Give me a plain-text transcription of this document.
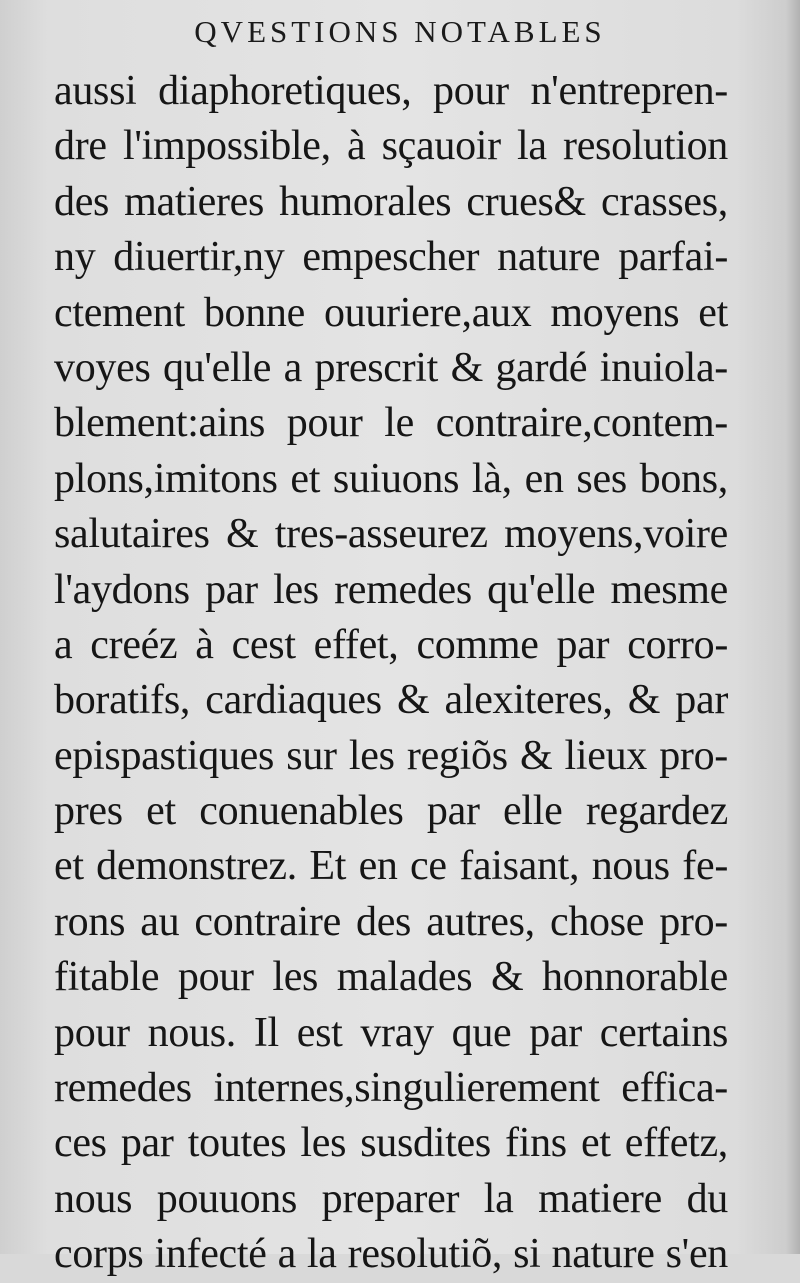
QVESTIONS NOTABLES
aussi diaphoretiques, pour n'entrepren-
dre l'impossible, à sçauoir la resolution
des matieres humorales crues& crasses,
ny diuertir,ny empescher nature parfai-
ctement bonne ouuriere,aux moyens et
voyes qu'elle a prescrit & gardé inuiola-
blement:ains pour le contraire,contem-
plons,imitons et suiuons là, en ses bons,
salutaires & tres-asseurez moyens,voire
l'aydons par les remedes qu'elle mesme
a creéz à cest effet, comme par corro-
boratifs, cardiaques & alexiteres, & par
epispastiques sur les regiõs & lieux pro-
pres et conuenables par elle regardez
et demonstrez. Et en ce faisant, nous fe-
rons au contraire des autres, chose pro-
fitable pour les malades & honnorable
pour nous. Il est vray que par certains
remedes internes,singulierement effica-
ces par toutes les susdites fins et effetz,
nous pouuons preparer la matiere du
corps infecté a la resolutiõ, si nature s'en
